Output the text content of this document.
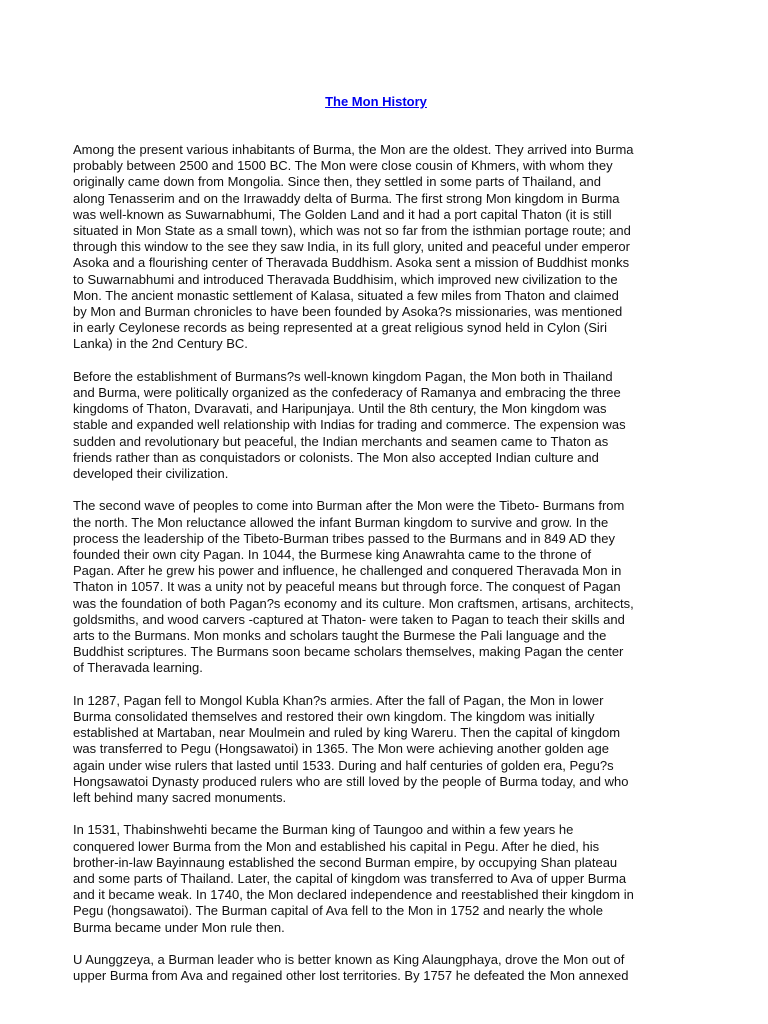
The Mon History

Among the present various inhabitants of Burma, the Mon are the oldest. They arrived into Burma
probably between 2500 and 1500 BC. The Mon were close cousin of Khmers, with whom they
originally came down from Mongolia. Since then, they settled in some parts of Thailand, and
along Tenasserim and on the Irrawaddy delta of Burma. The first strong Mon kingdom in Burma
was well-known as Suwarnabhumi, The Golden Land and it had a port capital Thaton (it is still
situated in Mon State as a small town), which was not so far from the isthmian portage route; and
through this window to the see they saw India, in its full glory, united and peaceful under emperor
Asoka and a flourishing center of Theravada Buddhism. Asoka sent a mission of Buddhist monks
to Suwarnabhumi and introduced Theravada Buddhisim, which improved new civilization to the
Mon. The ancient monastic settlement of Kalasa, situated a few miles from Thaton and claimed
by Mon and Burman chronicles to have been founded by Asoka?s missionaries, was mentioned
in early Ceylonese records as being represented at a great religious synod held in Cylon (Siri
Lanka) in the 2nd Century BC.

Before the establishment of Burmans?s well-known kingdom Pagan, the Mon both in Thailand
and Burma, were politically organized as the confederacy of Ramanya and embracing the three
kingdoms of Thaton, Dvaravati, and Haripunjaya. Until the 8th century, the Mon kingdom was
stable and expanded well relationship with Indias for trading and commerce. The expension was
sudden and revolutionary but peaceful, the Indian merchants and seamen came to Thaton as
friends rather than as conquistadors or colonists. The Mon also accepted Indian culture and
developed their civilization.

The second wave of peoples to come into Burman after the Mon were the Tibeto- Burmans from
the north. The Mon reluctance allowed the infant Burman kingdom to survive and grow. In the
process the leadership of the Tibeto-Burman tribes passed to the Burmans and in 849 AD they
founded their own city Pagan. In 1044, the Burmese king Anawrahta came to the throne of
Pagan. After he grew his power and influence, he challenged and conquered Theravada Mon in
Thaton in 1057. It was a unity not by peaceful means but through force. The conquest of Pagan
was the foundation of both Pagan?s economy and its culture. Mon craftsmen, artisans, architects,
goldsmiths, and wood carvers -captured at Thaton- were taken to Pagan to teach their skills and
arts to the Burmans. Mon monks and scholars taught the Burmese the Pali language and the
Buddhist scriptures. The Burmans soon became scholars themselves, making Pagan the center
of Theravada learning.

In 1287, Pagan fell to Mongol Kubla Khan?s armies. After the fall of Pagan, the Mon in lower
Burma consolidated themselves and restored their own kingdom. The kingdom was initially
established at Martaban, near Moulmein and ruled by king Wareru. Then the capital of kingdom
was transferred to Pegu (Hongsawatoi) in 1365. The Mon were achieving another golden age
again under wise rulers that lasted until 1533. During and half centuries of golden era, Pegu?s
Hongsawatoi Dynasty produced rulers who are still loved by the people of Burma today, and who
left behind many sacred monuments.

In 1531, Thabinshwehti became the Burman king of Taungoo and within a few years he
conquered lower Burma from the Mon and established his capital in Pegu. After he died, his
brother-in-law Bayinnaung established the second Burman empire, by occupying Shan plateau
and some parts of Thailand. Later, the capital of kingdom was transferred to Ava of upper Burma
and it became weak. In 1740, the Mon declared independence and reestablished their kingdom in
Pegu (hongsawatoi). The Burman capital of Ava fell to the Mon in 1752 and nearly the whole
Burma became under Mon rule then.

U Aunggzeya, a Burman leader who is better known as King Alaungphaya, drove the Mon out of
upper Burma from Ava and regained other lost territories. By 1757 he defeated the Mon annexed
